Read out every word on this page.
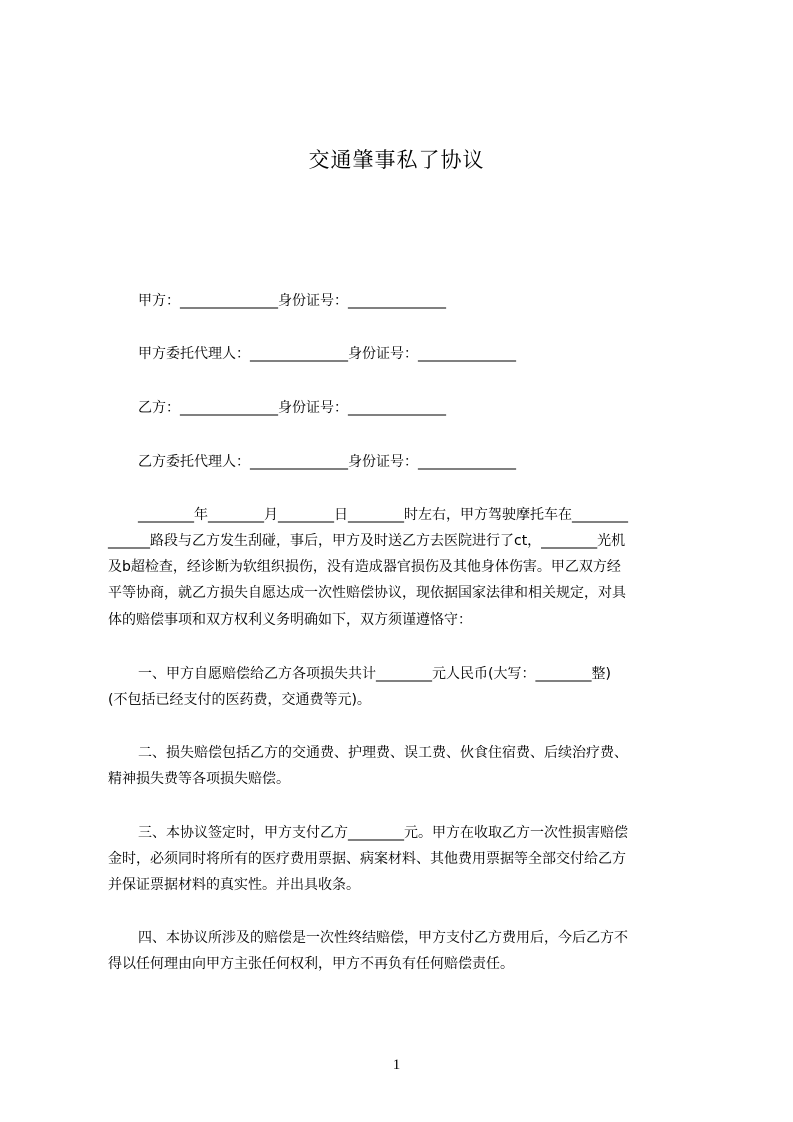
交通肇事私了协议
甲方：______________身份证号：______________
甲方委托代理人：______________身份证号：______________
乙方：______________身份证号：______________
乙方委托代理人：______________身份证号：______________
________年________月________日________时左右，甲方驾驶摩托车在________
______路段与乙方发生刮碰，事后，甲方及时送乙方去医院进行了ct，________光机
及b超检查，经诊断为软组织损伤，没有造成器官损伤及其他身体伤害。甲乙双方经
平等协商，就乙方损失自愿达成一次性赔偿协议，现依据国家法律和相关规定，对具
体的赔偿事项和双方权利义务明确如下，双方须谨遵恪守：
一、甲方自愿赔偿给乙方各项损失共计________元人民币(大写：________整)
(不包括已经支付的医药费，交通费等元)。
二、损失赔偿包括乙方的交通费、护理费、误工费、伙食住宿费、后续治疗费、
精神损失费等各项损失赔偿。
三、本协议签定时，甲方支付乙方________元。甲方在收取乙方一次性损害赔偿
金时，必须同时将所有的医疗费用票据、病案材料、其他费用票据等全部交付给乙方
并保证票据材料的真实性。并出具收条。
四、本协议所涉及的赔偿是一次性终结赔偿，甲方支付乙方费用后，今后乙方不
得以任何理由向甲方主张任何权利，甲方不再负有任何赔偿责任。
1
